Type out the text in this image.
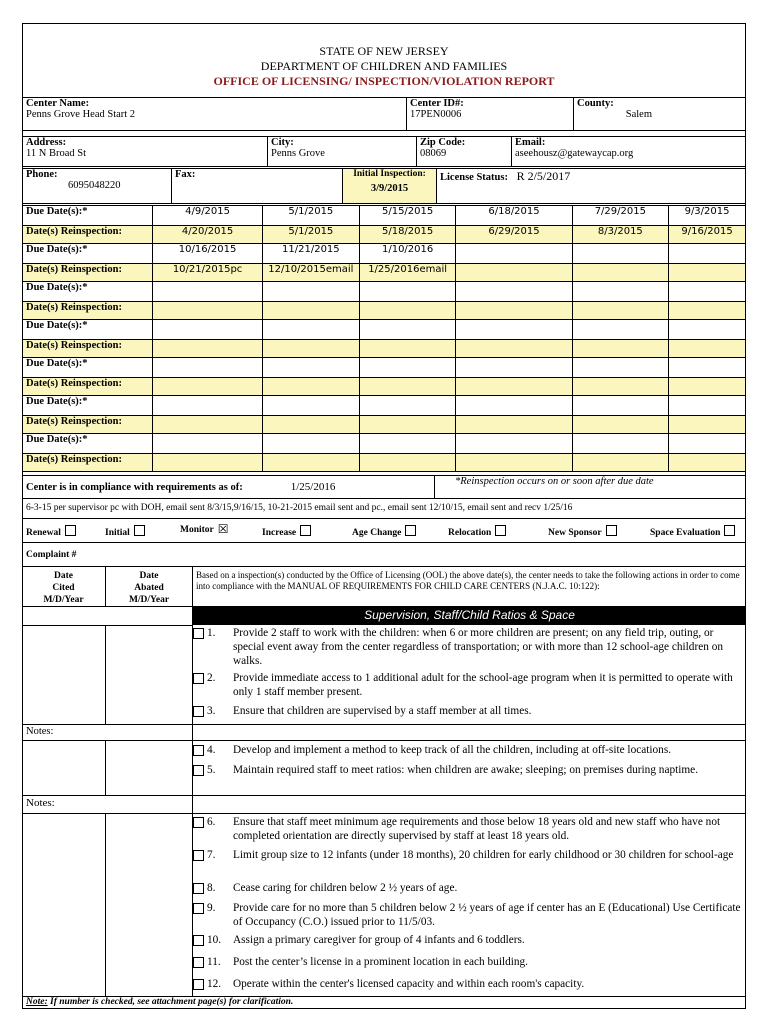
STATE OF NEW JERSEY
DEPARTMENT OF CHILDREN AND FAMILIES
OFFICE OF LICENSING/ INSPECTION/VIOLATION REPORT
Center Name:
Penns Grove Head Start 2

Center ID#:
17PEN0006

County:
Salem
Address:
11 N Broad St

City:
Penns Grove

Zip Code:
08069

Email:
aseehousz@gatewaycap.org
Phone:
6095048220

Fax:	Initial Inspection:
3/9/2015
	License Status: R 2/5/2017
Due Date(s):*	4/9/2015	5/1/2015	5/15/2015	6/18/2015	7/29/2015	9/3/2015
Date(s) Reinspection:	4/20/2015	5/1/2015	5/18/2015	6/29/2015	8/3/2015	9/16/2015
Due Date(s):*	10/16/2015	11/21/2015	1/10/2016			
Date(s) Reinspection:	10/21/2015pc	12/10/2015email	1/25/2016email			
Due Date(s):*						
Date(s) Reinspection:						
Due Date(s):*						
Date(s) Reinspection:						
Due Date(s):*						
Date(s) Reinspection:						
Due Date(s):*						
Date(s) Reinspection:						
Due Date(s):*						
Date(s) Reinspection:						
Center is in compliance with requirements as of:	1/25/2016	*Reinspection occurs on or soon after due date
6-3-15 per supervisor pc with DOH, email sent 8/3/15,9/16/15, 10-21-2015 email sent and pc., email sent 12/10/15, email sent and recv 1/25/16
Renewal	Initial	Monitor ☒	Increase	Age Change	Relocation	New Sponsor	Space Evaluation
Complaint #
Date
Cited
M/D/Year
Date
Abated
M/D/Year
Based on a inspection(s) conducted by the Office of Licensing (OOL) the above date(s), the center needs to take the following actions in order to come into compliance with the MANUAL OF REQUIREMENTS FOR CHILD CARE CENTERS (N.J.A.C. 10:122):
Supervision, Staff/Child Ratios & Space
Notes:
Notes:
1. Provide 2 staff to work with the children: when 6 or more children are present; on any field trip, outing, or special event away from the center regardless of transportation; or with more than 12 school-age children on walks.
2. Provide immediate access to 1 additional adult for the school-age program when it is permitted to operate with only 1 staff member present.
3. Ensure that children are supervised by a staff member at all times.
4. Develop and implement a method to keep track of all the children, including at off-site locations.
5. Maintain required staff to meet ratios: when children are awake; sleeping; on premises during naptime.
6. Ensure that staff meet minimum age requirements and those below 18 years old and new staff who have not completed orientation are directly supervised by staff at least 18 years old.
7. Limit group size to 12 infants (under 18 months), 20 children for early childhood or 30 children for school-age
8. Cease caring for children below 2 ½ years of age.
9. Provide care for no more than 5 children below 2 ½ years of age if center has an E (Educational) Use Certificate of Occupancy (C.O.) issued prior to 11/5/03.
10. Assign a primary caregiver for group of 4 infants and 6 toddlers.
11. Post the center’s license in a prominent location in each building.
12. Operate within the center's licensed capacity and within each room's capacity.
Note: If number is checked, see attachment page(s) for clarification.
